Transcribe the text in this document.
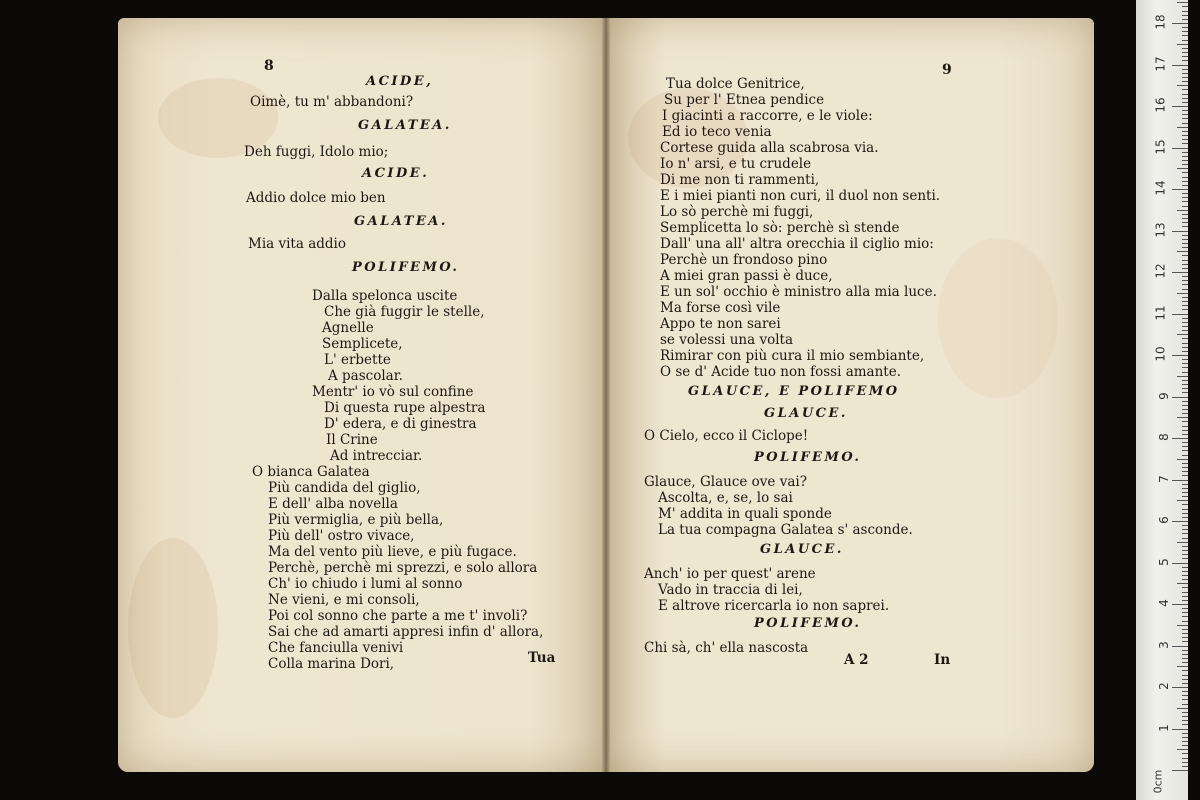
8	9
ACIDE,
Oimè, tu m' abbandoni?
GALATEA.
Deh fuggi, Idolo mio;
ACIDE.
Addio dolce mio ben
GALATEA.
Mia vita addio
POLIFEMO.
Dalla spelonca uscite
Che già fuggir le stelle,
Agnelle
Semplicete,
L' erbette
A pascolar.
Mentr' io vò sul confine
Di questa rupe alpestra
D' edera, e di ginestra
Il Crine
Ad intrecciar.
O bianca Galatea
Più candida del giglio,
E dell' alba novella
Più vermiglia, e più bella,
Più dell' ostro vivace,
Ma del vento più lieve, e più fugace.
Perchè, perchè mi sprezzi, e solo allora
Ch' io chiudo i lumi al sonno
Ne vieni, e mi consoli,
Poi col sonno che parte a me t' involi?
Sai che ad amarti appresi infin d' allora,
Che fanciulla venivi
Colla marina Dori,
Tua dolce Genitrice,
Su per l' Etnea pendice
I giacinti a raccorre, e le viole:
Ed io teco venia
Cortese guida alla scabrosa via.
Io n' arsi, e tu crudele
Di me non ti rammenti,
E i miei pianti non curi, il duol non senti.
Lo sò perchè mi fuggi,
Semplicetta lo sò: perchè sì stende
Dall' una all' altra orecchia il ciglio mio:
Perchè un frondoso pino
A miei gran passi è duce,
E un sol' occhio è ministro alla mia luce.
Ma forse così vile
Appo te non sarei
se volessi una volta
Rimirar con più cura il mio sembiante,
O se d' Acide tuo non fossi amante.
GLAUCE, E POLIFEMO
GLAUCE.
O Cielo, ecco il Ciclope!
POLIFEMO.
Glauce, Glauce ove vai?
Ascolta, e, se, lo sai
M' addita in quali sponde
La tua compagna Galatea s' asconde.
GLAUCE.
Anch' io per quest' arene
Vado in traccia di lei,
E altrove ricercarla io non saprei.
POLIFEMO.
Chi sà, ch' ella nascosta
Tua	A 2	In
0cm
1
2
3
4
5
6
7
8
9
10
11
12
13
14
15
16
17
18
